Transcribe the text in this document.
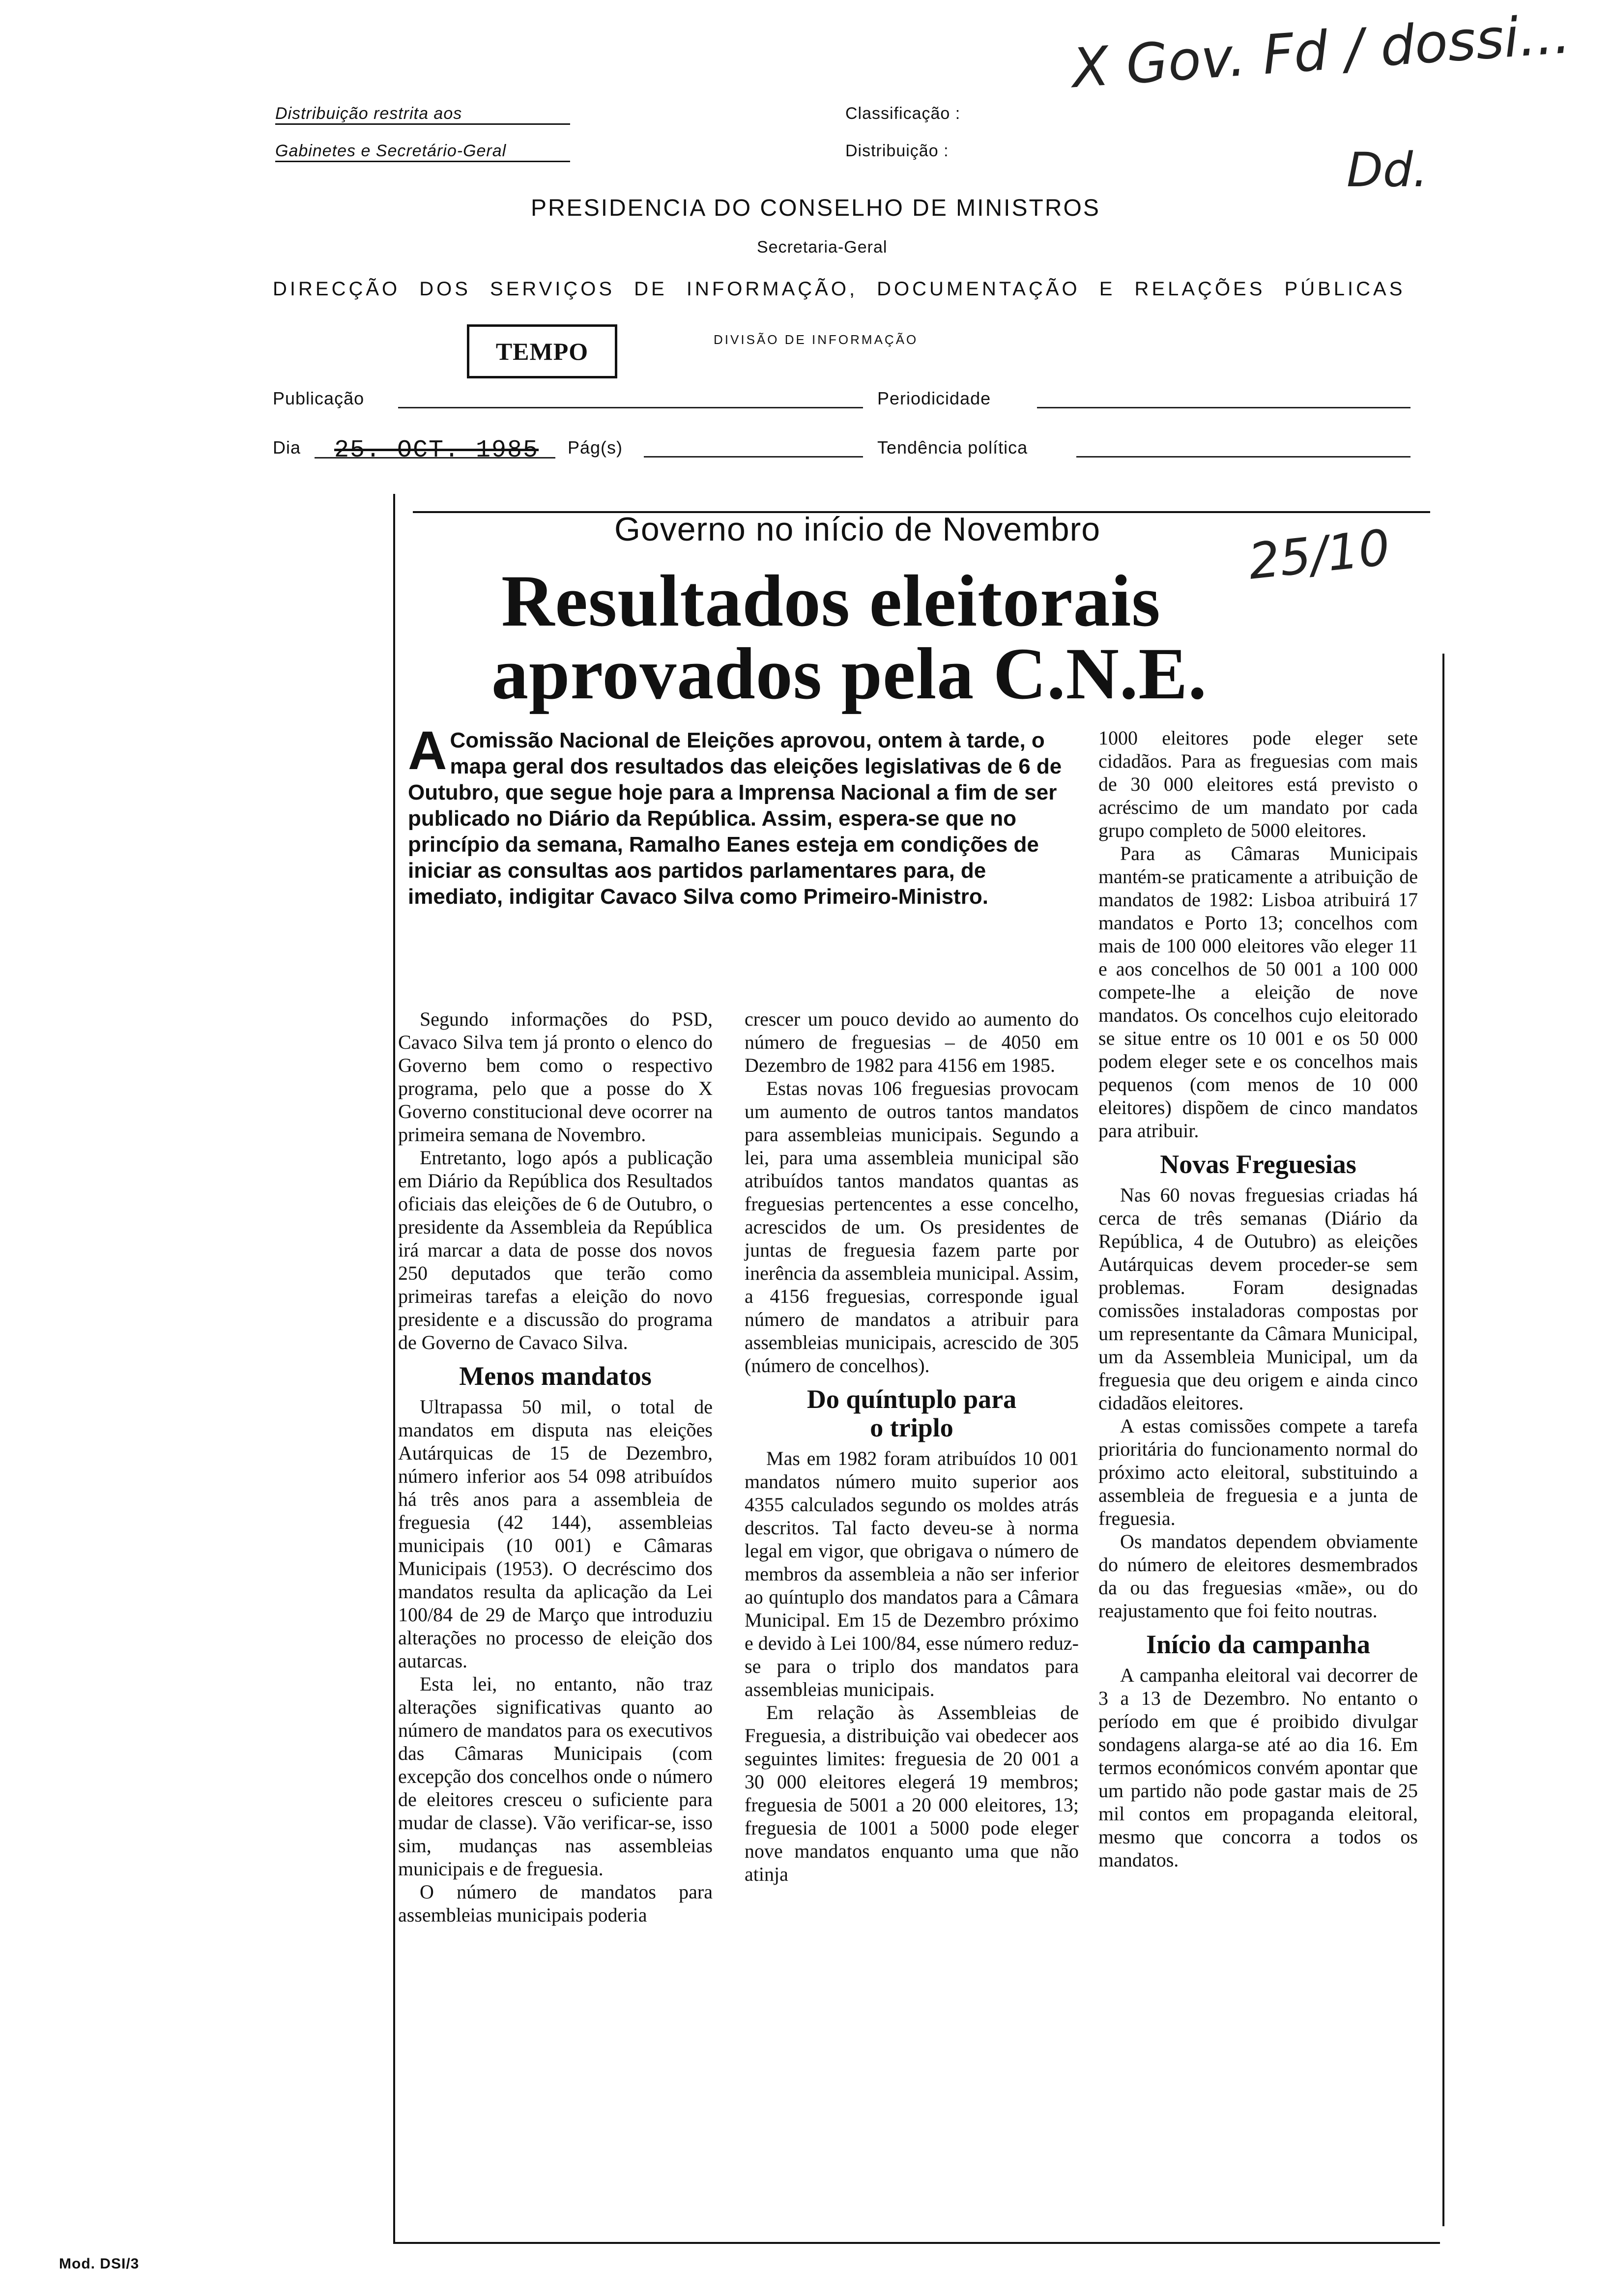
X Gov. Fd / dossi...
Dd.
Distribuição restrita aos
Gabinetes e Secretário-Geral
Classificação :
Distribuição :
PRESIDENCIA DO CONSELHO DE MINISTROS
Secretaria-Geral
DIRECÇÃO DOS SERVIÇOS DE INFORMAÇÃO, DOCUMENTAÇÃO E RELAÇÕES PÚBLICAS
TEMPO	DIVISÃO DE INFORMAÇÃO
Publicação	Periodicidade
Dia 25. OCT. 1985 Pág(s)	Tendência política
Governo no início de Novembro
Resultados eleitorais
aprovados pela C.N.E.
25/10
A Comissão Nacional de Eleições aprovou, ontem à tarde, o mapa geral dos resultados das eleições legislativas de 6 de Outubro, que segue hoje para a Imprensa Nacional a fim de ser publicado no Diário da República. Assim, espera-se que no princípio da semana, Ramalho Eanes esteja em condições de iniciar as consultas aos partidos parlamentares para, de imediato, indigitar Cavaco Silva como Primeiro-Ministro.

Segundo informações do PSD, Cavaco Silva tem já pronto o elenco do Governo bem como o respectivo programa, pelo que a posse do X Governo constitucional deve ocorrer na primeira semana de Novembro.

Entretanto, logo após a publicação em Diário da República dos Resultados oficiais das eleições de 6 de Outubro, o presidente da Assembleia da República irá marcar a data de posse dos novos 250 deputados que terão como primeiras tarefas a eleição do novo presidente e a discussão do programa de Governo de Cavaco Silva.

Menos mandatos

Ultrapassa 50 mil, o total de mandatos em disputa nas eleições Autárquicas de 15 de Dezembro, número inferior aos 54 098 atribuídos há três anos para a assembleia de freguesia (42 144), assembleias municipais (10 001) e Câmaras Municipais (1953). O decréscimo dos mandatos resulta da aplicação da Lei 100/84 de 29 de Março que introduziu alterações no processo de eleição dos autarcas.

Esta lei, no entanto, não traz alterações significativas quanto ao número de mandatos para os executivos das Câmaras Municipais (com excepção dos concelhos onde o número de eleitores cresceu o suficiente para mudar de classe). Vão verificar-se, isso sim, mudanças nas assembleias municipais e de freguesia.

O número de mandatos para assembleias municipais poderia

crescer um pouco devido ao aumento do número de freguesias – de 4050 em Dezembro de 1982 para 4156 em 1985.

Estas novas 106 freguesias provocam um aumento de outros tantos mandatos para assembleias municipais. Segundo a lei, para uma assembleia municipal são atribuídos tantos mandatos quantas as freguesias pertencentes a esse concelho, acrescidos de um. Os presidentes de juntas de freguesia fazem parte por inerência da assembleia municipal. Assim, a 4156 freguesias, corresponde igual número de mandatos a atribuir para assembleias municipais, acrescido de 305 (número de concelhos).

Do quíntuplo para o triplo

Mas em 1982 foram atribuídos 10 001 mandatos número muito superior aos 4355 calculados segundo os moldes atrás descritos. Tal facto deveu-se à norma legal em vigor, que obrigava o número de membros da assembleia a não ser inferior ao quíntuplo dos mandatos para a Câmara Municipal. Em 15 de Dezembro próximo e devido à Lei 100/84, esse número reduz-se para o triplo dos mandatos para assembleias municipais.

Em relação às Assembleias de Freguesia, a distribuição vai obedecer aos seguintes limites: freguesia de 20 001 a 30 000 eleitores elegerá 19 membros; freguesia de 5001 a 20 000 eleitores, 13; freguesia de 1001 a 5000 pode eleger nove mandatos enquanto uma que não atinja

1000 eleitores pode eleger sete cidadãos. Para as freguesias com mais de 30 000 eleitores está previsto o acréscimo de um mandato por cada grupo completo de 5000 eleitores.

Para as Câmaras Municipais mantém-se praticamente a atribuição de mandatos de 1982: Lisboa atribuirá 17 mandatos e Porto 13; concelhos com mais de 100 000 eleitores vão eleger 11 e aos concelhos de 50 001 a 100 000 compete-lhe a eleição de nove mandatos. Os concelhos cujo eleitorado se situe entre os 10 001 e os 50 000 podem eleger sete e os concelhos mais pequenos (com menos de 10 000 eleitores) dispõem de cinco mandatos para atribuir.

Novas Freguesias

Nas 60 novas freguesias criadas há cerca de três semanas (Diário da República, 4 de Outubro) as eleições Autárquicas devem proceder-se sem problemas. Foram designadas comissões instaladoras compostas por um representante da Câmara Municipal, um da Assembleia Municipal, um da freguesia que deu origem e ainda cinco cidadãos eleitores.

A estas comissões compete a tarefa prioritária do funcionamento normal do próximo acto eleitoral, substituindo a assembleia de freguesia e a junta de freguesia.

Os mandatos dependem obviamente do número de eleitores desmembrados da ou das freguesias «mãe», ou do reajustamento que foi feito noutras.

Início da campanha

A campanha eleitoral vai decorrer de 3 a 13 de Dezembro. No entanto o período em que é proibido divulgar sondagens alarga-se até ao dia 16. Em termos económicos convém apontar que um partido não pode gastar mais de 25 mil contos em propaganda eleitoral, mesmo que concorra a todos os mandatos.

Mod. DSI/3
